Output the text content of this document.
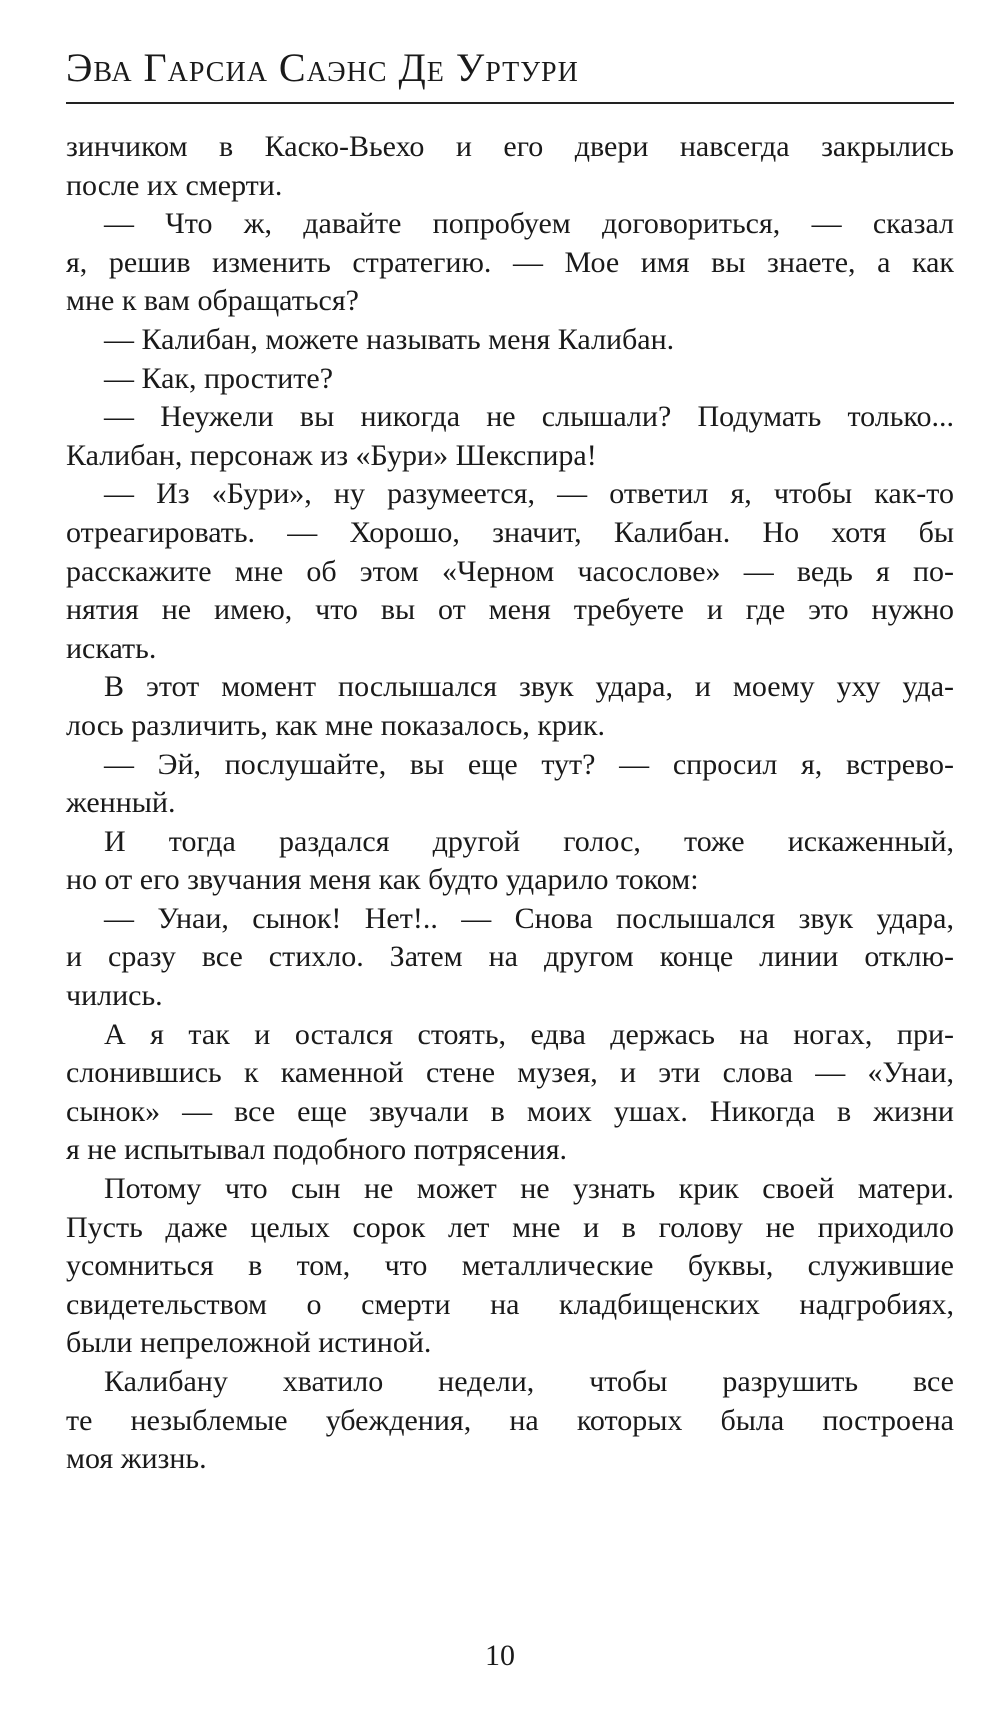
Эва Гарсиа Саэнс Де Уртури
зинчиком в Каско-Вьехо и его двери навсегда закрылись
после их смерти.
— Что ж, давайте попробуем договориться, — сказал
я, решив изменить стратегию. — Мое имя вы знаете, а как
мне к вам обращаться?
— Калибан, можете называть меня Калибан.
— Как, простите?
— Неужели вы никогда не слышали? Подумать только...
Калибан, персонаж из «Бури» Шекспира!
— Из «Бури», ну разумеется, — ответил я, чтобы как-то
отреагировать. — Хорошо, значит, Калибан. Но хотя бы
расскажите мне об этом «Черном часослове» — ведь я по-
нятия не имею, что вы от меня требуете и где это нужно
искать.
В этот момент послышался звук удара, и моему уху уда-
лось различить, как мне показалось, крик.
— Эй, послушайте, вы еще тут? — спросил я, встрево-
женный.
И тогда раздался другой голос, тоже искаженный,
но от его звучания меня как будто ударило током:
— Унаи, сынок! Нет!.. — Снова послышался звук удара,
и сразу все стихло. Затем на другом конце линии отклю-
чились.
А я так и остался стоять, едва держась на ногах, при-
слонившись к каменной стене музея, и эти слова — «Унаи,
сынок» — все еще звучали в моих ушах. Никогда в жизни
я не испытывал подобного потрясения.
Потому что сын не может не узнать крик своей матери.
Пусть даже целых сорок лет мне и в голову не приходило
усомниться в том, что металлические буквы, служившие
свидетельством о смерти на кладбищенских надгробиях,
были непреложной истиной.
Калибану хватило недели, чтобы разрушить все
те незыблемые убеждения, на которых была построена
моя жизнь.
10
